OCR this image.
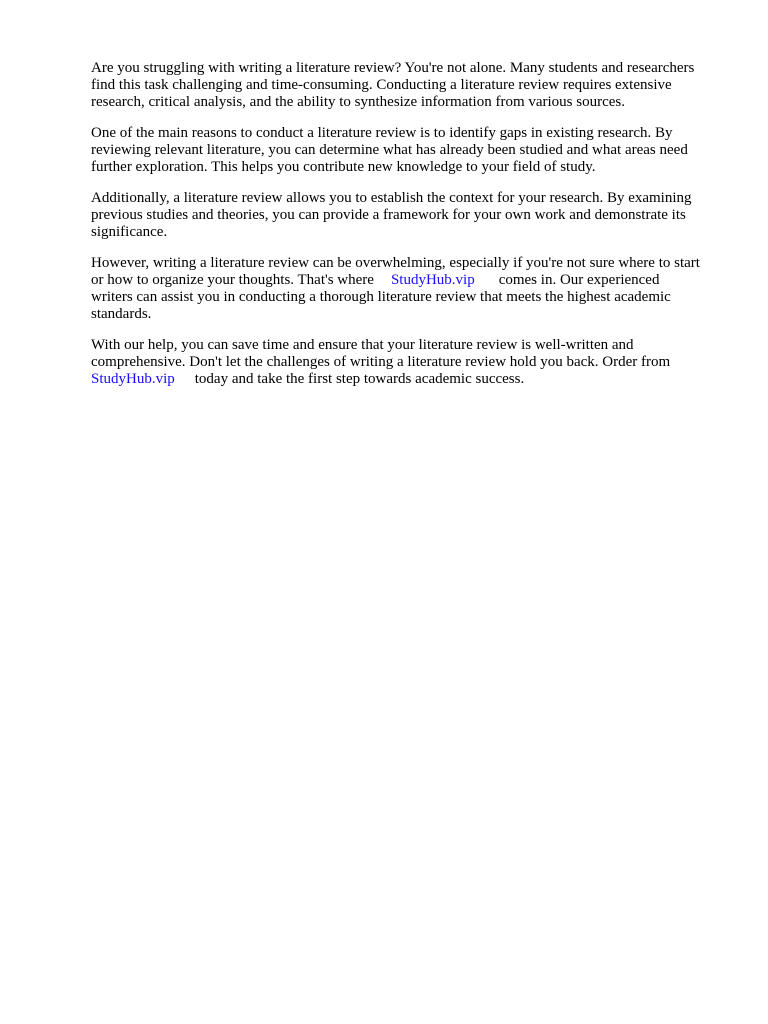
Are you struggling with writing a literature review? You're not alone. Many students and researchers
find this task challenging and time-consuming. Conducting a literature review requires extensive
research, critical analysis, and the ability to synthesize information from various sources.

One of the main reasons to conduct a literature review is to identify gaps in existing research. By
reviewing relevant literature, you can determine what has already been studied and what areas need
further exploration. This helps you contribute new knowledge to your field of study.

Additionally, a literature review allows you to establish the context for your research. By examining
previous studies and theories, you can provide a framework for your own work and demonstrate its
significance.

However, writing a literature review can be overwhelming, especially if you're not sure where to start
or how to organize your thoughts. That's where StudyHub.vip comes in. Our experienced
writers can assist you in conducting a thorough literature review that meets the highest academic
standards.

With our help, you can save time and ensure that your literature review is well-written and
comprehensive. Don't let the challenges of writing a literature review hold you back. Order from
StudyHub.vip today and take the first step towards academic success.
